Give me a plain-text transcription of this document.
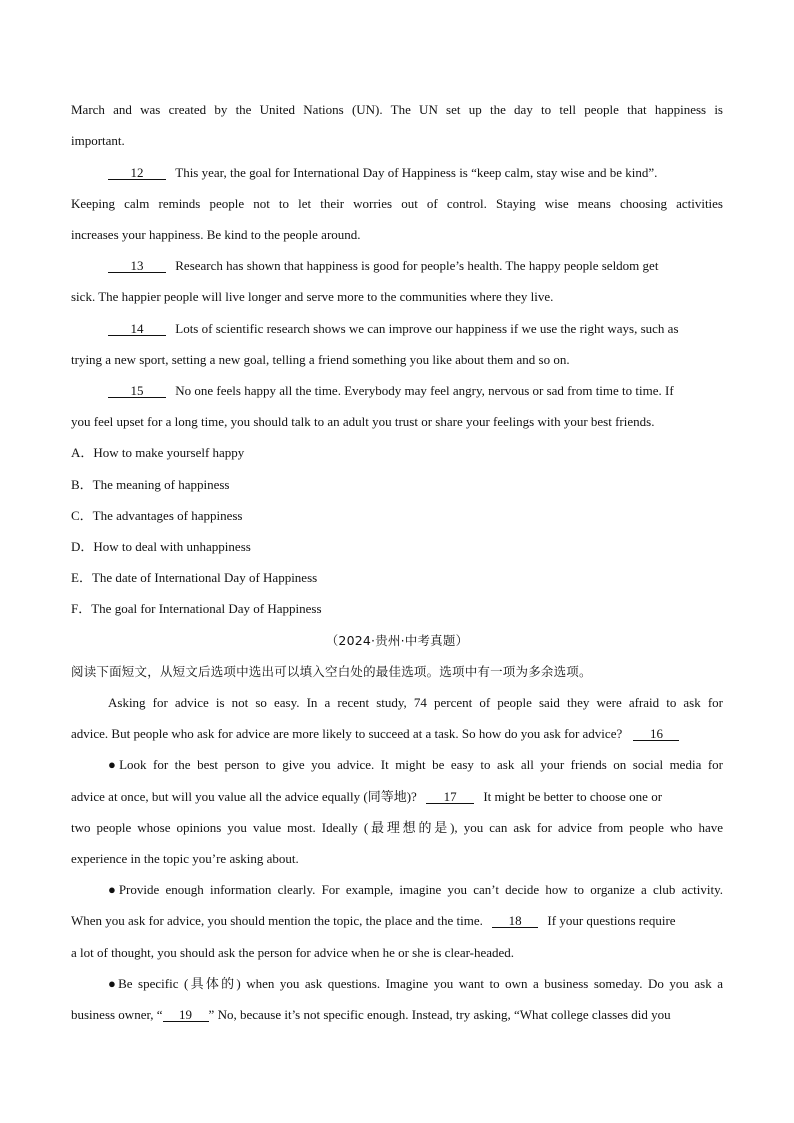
March and was created by the United Nations (UN). The UN set up the day to tell people that happiness is
important.
12 This year, the goal for International Day of Happiness is “keep calm, stay wise and be kind”.
Keeping calm reminds people not to let their worries out of control. Staying wise means choosing activities
increases your happiness. Be kind to the people around.
13 Research has shown that happiness is good for people’s health. The happy people seldom get
sick. The happier people will live longer and serve more to the communities where they live.
14 Lots of scientific research shows we can improve our happiness if we use the right ways, such as
trying a new sport, setting a new goal, telling a friend something you like about them and so on.
15 No one feels happy all the time. Everybody may feel angry, nervous or sad from time to time. If
you feel upset for a long time, you should talk to an adult you trust or share your feelings with your best friends.
A．How to make yourself happy
B．The meaning of happiness
C．The advantages of happiness
D．How to deal with unhappiness
E．The date of International Day of Happiness
F．The goal for International Day of Happiness
（2024·贵州·中考真题）
阅读下面短文，从短文后选项中选出可以填入空白处的最佳选项。选项中有一项为多余选项。
Asking for advice is not so easy. In a recent study, 74 percent of people said they were afraid to ask for
advice. But people who ask for advice are more likely to succeed at a task. So how do you ask for advice? 16
●Look for the best person to give you advice. It might be easy to ask all your friends on social media for
advice at once, but will you value all the advice equally (同等地)? 17 It might be better to choose one or
two people whose opinions you value most. Ideally (最理想的是), you can ask for advice from people who have
experience in the topic you’re asking about.
●Provide enough information clearly. For example, imagine you can’t decide how to organize a club activity.
When you ask for advice, you should mention the topic, the place and the time. 18 If your questions require
a lot of thought, you should ask the person for advice when he or she is clear-headed.
●Be specific (具体的) when you ask questions. Imagine you want to own a business someday. Do you ask a
business owner, “ 19 ” No, because it’s not specific enough. Instead, try asking, “What college classes did you
